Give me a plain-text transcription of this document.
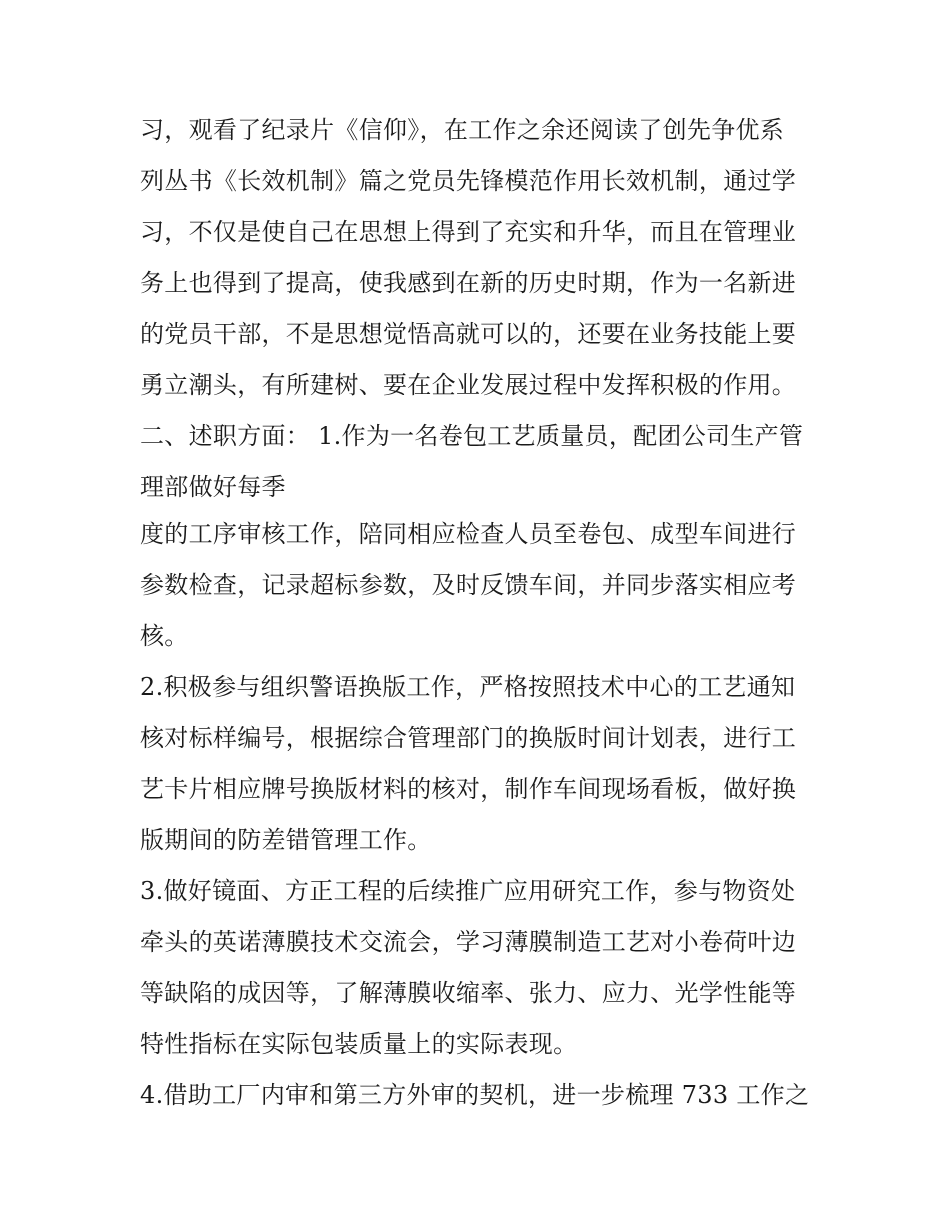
习，观看了纪录片《信仰》，在工作之余还阅读了创先争优系
列丛书《长效机制》篇之党员先锋模范作用长效机制，通过学
习，不仅是使自己在思想上得到了充实和升华，而且在管理业
务上也得到了提高，使我感到在新的历史时期，作为一名新进
的党员干部，不是思想觉悟高就可以的，还要在业务技能上要
勇立潮头，有所建树、要在企业发展过程中发挥积极的作用。
二、述职方面： 1.作为一名卷包工艺质量员，配团公司生产管
理部做好每季
度的工序审核工作，陪同相应检查人员至卷包、成型车间进行
参数检查，记录超标参数，及时反馈车间，并同步落实相应考
核。
2.积极参与组织警语换版工作，严格按照技术中心的工艺通知
核对标样编号，根据综合管理部门的换版时间计划表，进行工
艺卡片相应牌号换版材料的核对，制作车间现场看板，做好换
版期间的防差错管理工作。
3.做好镜面、方正工程的后续推广应用研究工作，参与物资处
牵头的英诺薄膜技术交流会，学习薄膜制造工艺对小卷荷叶边
等缺陷的成因等，了解薄膜收缩率、张力、应力、光学性能等
特性指标在实际包装质量上的实际表现。
4.借助工厂内审和第三方外审的契机，进一步梳理 733 工作之
